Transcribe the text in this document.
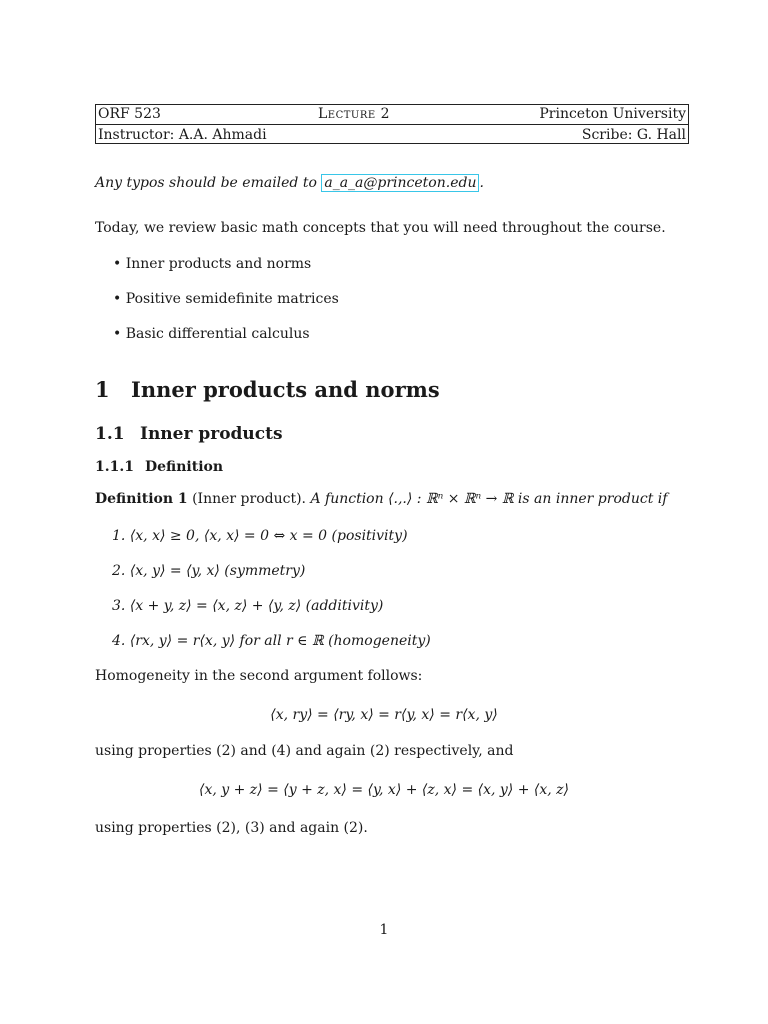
ORF 523	Lecture 2	Princeton University
Instructor: A.A. Ahmadi	Scribe: G. Hall
Any typos should be emailed to a_a_a@princeton.edu .
Today, we review basic math concepts that you will need throughout the course.
• Inner products and norms
• Positive semidefinite matrices
• Basic differential calculus
1 Inner products and norms
1.1 Inner products
1.1.1 Definition
Definition 1 (Inner product). A function ⟨.,.⟩ : ℝⁿ × ℝⁿ → ℝ is an inner product if
1. ⟨x, x⟩ ≥ 0, ⟨x, x⟩ = 0 ⇔ x = 0 (positivity)
2. ⟨x, y⟩ = ⟨y, x⟩ (symmetry)
3. ⟨x + y, z⟩ = ⟨x, z⟩ + ⟨y, z⟩ (additivity)
4. ⟨rx, y⟩ = r⟨x, y⟩ for all r ∈ ℝ (homogeneity)
Homogeneity in the second argument follows:
⟨x, ry⟩ = ⟨ry, x⟩ = r⟨y, x⟩ = r⟨x, y⟩
using properties (2) and (4) and again (2) respectively, and
⟨x, y + z⟩ = ⟨y + z, x⟩ = ⟨y, x⟩ + ⟨z, x⟩ = ⟨x, y⟩ + ⟨x, z⟩
using properties (2), (3) and again (2).
1
